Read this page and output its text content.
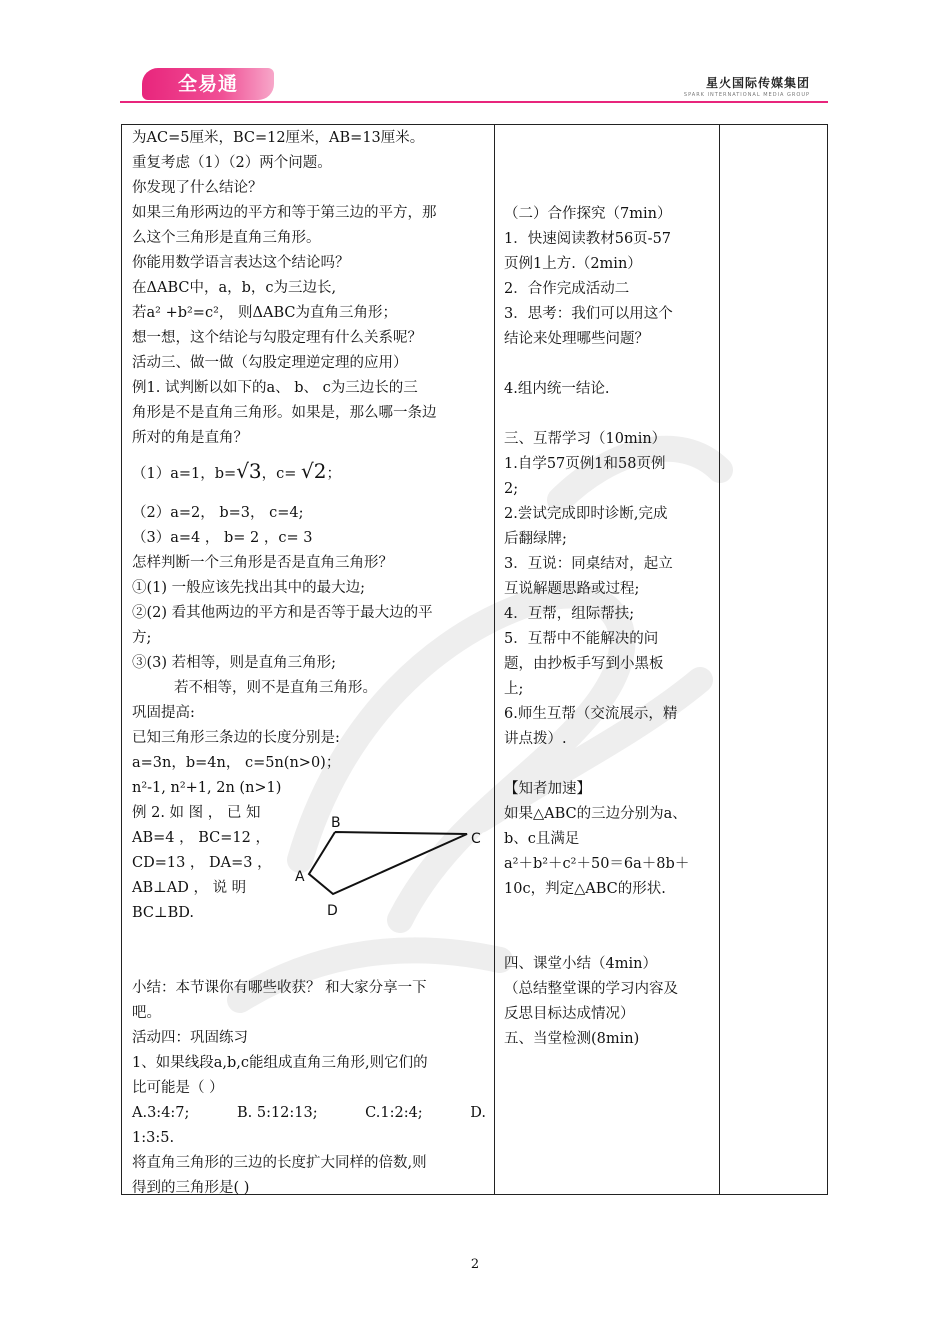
全易通	星火国际传媒集团
SPARK INTERNATIONAL MEDIA GROUP
为AC=5厘米，BC=12厘米，AB=13厘米。
重复考虑（1）（2）两个问题。
你发现了什么结论？
如果三角形两边的平方和等于第三边的平方，那
么这个三角形是直角三角形。
你能用数学语言表达这个结论吗？
在ΔABC中，a，b，c为三边长,
若a² +b²=c²， 则ΔABC为直角三角形；
想一想，这个结论与勾股定理有什么关系呢？
活动三、做一做（勾股定理逆定理的应用）
例1. 试判断以如下的a、 b、 c为三边长的三
角形是不是直角三角形。如果是，那么哪一条边
所对的角是直角？
（1）a=1，b=√3，c= √2；
（2）a=2， b=3， c=4;
（3）a=4 ， b= 2 ，c= 3
怎样判断一个三角形是否是直角三角形？
①(1) 一般应该先找出其中的最大边;
②(2) 看其他两边的平方和是否等于最大边的平
方;
③(3) 若相等，则是直角三角形;
若不相等，则不是直角三角形。
巩固提高:
已知三角形三条边的长度分别是:
a=3n，b=4n， c=5n(n>0)；
n²-1, n²+1, 2n (n>1)
例 2. 如 图 ， 已 知
AB=4 ， BC=12 ，
CD=13 ， DA=3 ，
AB⊥AD ， 说 明
BC⊥BD.
小结：本节课你有哪些收获？ 和大家分享一下
吧。
活动四：巩固练习
1、如果线段a,b,c能组成直角三角形,则它们的
比可能是（ ）
A.3:4:7;	B. 5:12:13;	C.1:2:4;	D.
1:3:5.
将直角三角形的三边的长度扩大同样的倍数,则
得到的三角形是( )
（二）合作探究（7min）
1．快速阅读教材56页-57
页例1上方.（2min）
2．合作完成活动二
3．思考：我们可以用这个
结论来处理哪些问题？
4.组内统一结论.
三、互帮学习（10min）
1.自学57页例1和58页例
2;
2.尝试完成即时诊断,完成
后翻绿牌;
3．互说：同桌结对，起立
互说解题思路或过程;
4．互帮，组际帮扶;
5．互帮中不能解决的问
题，由抄板手写到小黑板
上;
6.师生互帮（交流展示，精
讲点拨）.
【知者加速】
如果△ABC的三边分别为a、
b、c且满足
a²＋b²＋c²＋50＝6a＋8b＋
10c，判定△ABC的形状.
四、课堂小结（4min）
（总结整堂课的学习内容及
反思目标达成情况）
五、当堂检测(8min)
B
C
A
D
2
